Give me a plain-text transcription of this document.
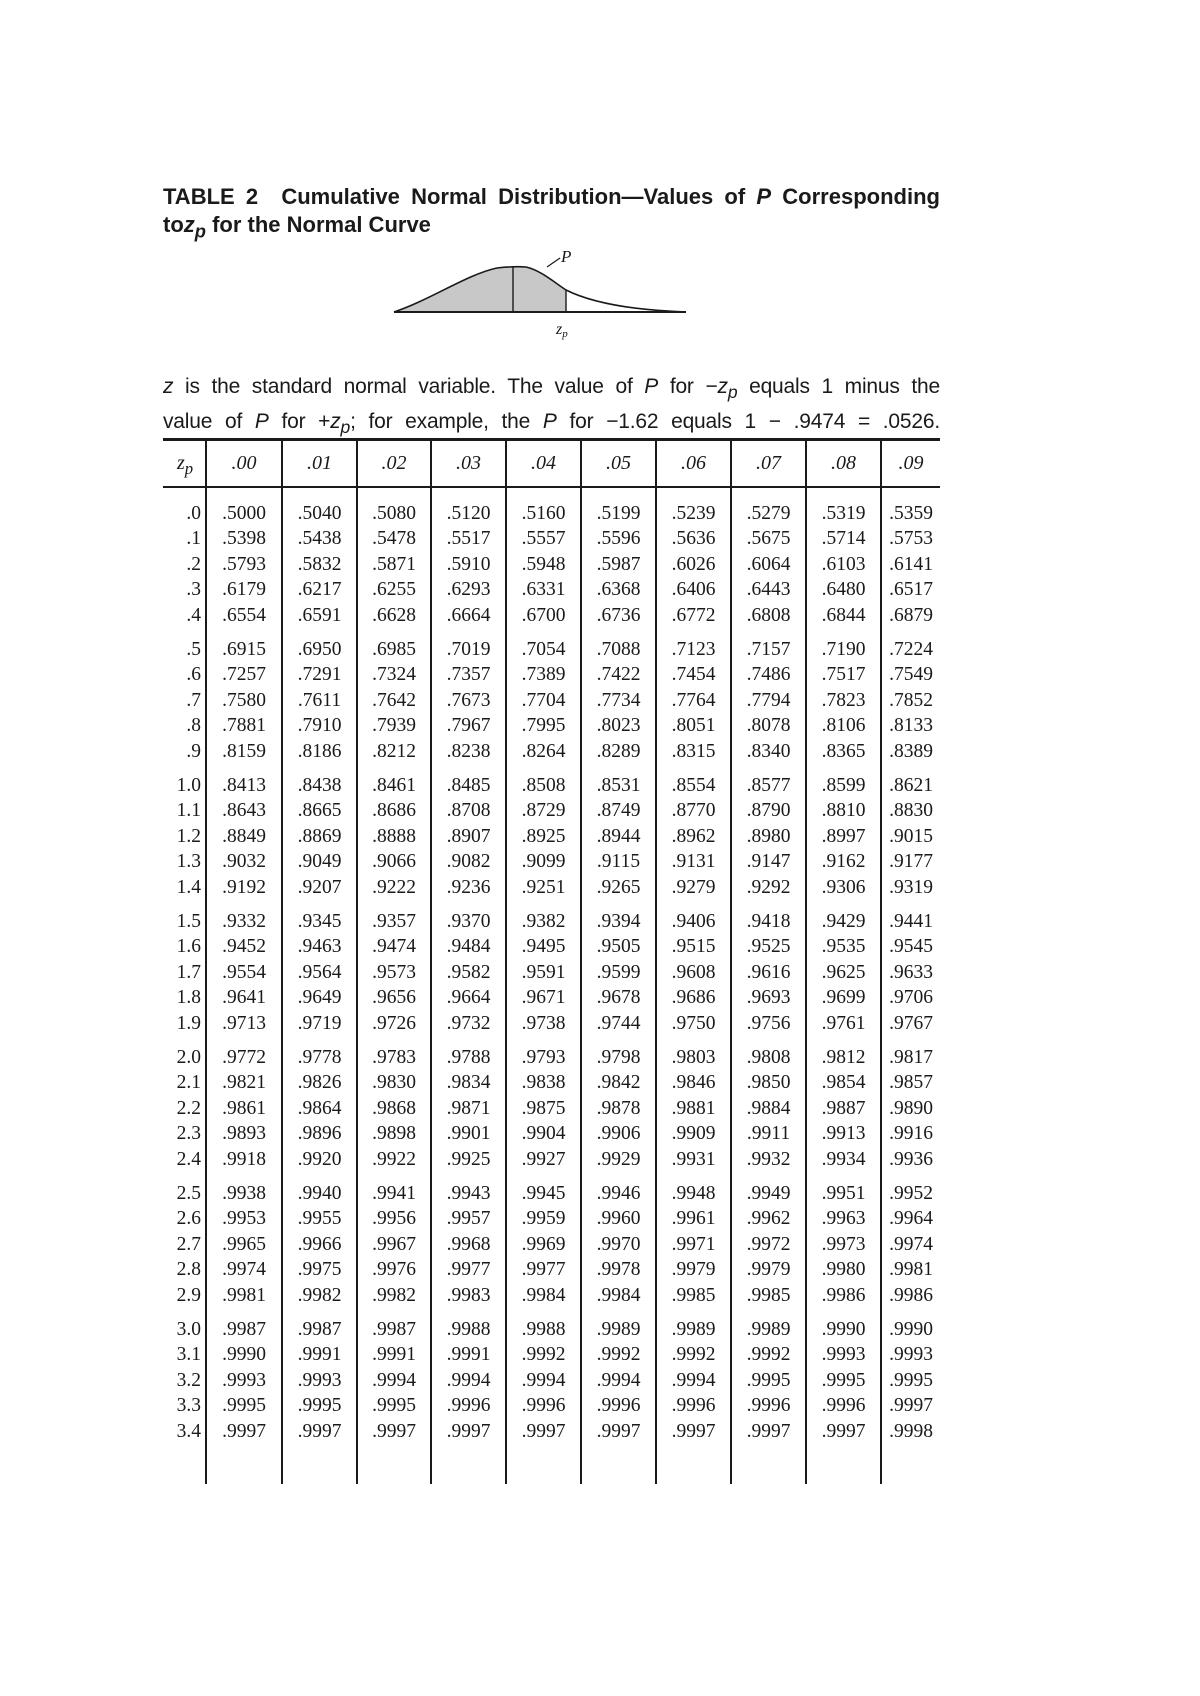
TABLE 2 Cumulative Normal Distribution—Values of P Corresponding toz$_p$ for the Normal Curve
P
zp
z is the standard normal variable. The value of P for $-z_p$ equals 1 minus the
value of P for $+z_p$; for example, the P for −1.62 equals 1 − .9474 = .0526.
$z_p$	.00	.01	.02	.03	.04	.05	.06	.07	.08	.09
.0	.5000	.5040	.5080	.5120	.5160	.5199	.5239	.5279	.5319	.5359
.1	.5398	.5438	.5478	.5517	.5557	.5596	.5636	.5675	.5714	.5753
.2	.5793	.5832	.5871	.5910	.5948	.5987	.6026	.6064	.6103	.6141
.3	.6179	.6217	.6255	.6293	.6331	.6368	.6406	.6443	.6480	.6517
.4	.6554	.6591	.6628	.6664	.6700	.6736	.6772	.6808	.6844	.6879
.5	.6915	.6950	.6985	.7019	.7054	.7088	.7123	.7157	.7190	.7224
.6	.7257	.7291	.7324	.7357	.7389	.7422	.7454	.7486	.7517	.7549
.7	.7580	.7611	.7642	.7673	.7704	.7734	.7764	.7794	.7823	.7852
.8	.7881	.7910	.7939	.7967	.7995	.8023	.8051	.8078	.8106	.8133
.9	.8159	.8186	.8212	.8238	.8264	.8289	.8315	.8340	.8365	.8389
1.0	.8413	.8438	.8461	.8485	.8508	.8531	.8554	.8577	.8599	.8621
1.1	.8643	.8665	.8686	.8708	.8729	.8749	.8770	.8790	.8810	.8830
1.2	.8849	.8869	.8888	.8907	.8925	.8944	.8962	.8980	.8997	.9015
1.3	.9032	.9049	.9066	.9082	.9099	.9115	.9131	.9147	.9162	.9177
1.4	.9192	.9207	.9222	.9236	.9251	.9265	.9279	.9292	.9306	.9319
1.5	.9332	.9345	.9357	.9370	.9382	.9394	.9406	.9418	.9429	.9441
1.6	.9452	.9463	.9474	.9484	.9495	.9505	.9515	.9525	.9535	.9545
1.7	.9554	.9564	.9573	.9582	.9591	.9599	.9608	.9616	.9625	.9633
1.8	.9641	.9649	.9656	.9664	.9671	.9678	.9686	.9693	.9699	.9706
1.9	.9713	.9719	.9726	.9732	.9738	.9744	.9750	.9756	.9761	.9767
2.0	.9772	.9778	.9783	.9788	.9793	.9798	.9803	.9808	.9812	.9817
2.1	.9821	.9826	.9830	.9834	.9838	.9842	.9846	.9850	.9854	.9857
2.2	.9861	.9864	.9868	.9871	.9875	.9878	.9881	.9884	.9887	.9890
2.3	.9893	.9896	.9898	.9901	.9904	.9906	.9909	.9911	.9913	.9916
2.4	.9918	.9920	.9922	.9925	.9927	.9929	.9931	.9932	.9934	.9936
2.5	.9938	.9940	.9941	.9943	.9945	.9946	.9948	.9949	.9951	.9952
2.6	.9953	.9955	.9956	.9957	.9959	.9960	.9961	.9962	.9963	.9964
2.7	.9965	.9966	.9967	.9968	.9969	.9970	.9971	.9972	.9973	.9974
2.8	.9974	.9975	.9976	.9977	.9977	.9978	.9979	.9979	.9980	.9981
2.9	.9981	.9982	.9982	.9983	.9984	.9984	.9985	.9985	.9986	.9986
3.0	.9987	.9987	.9987	.9988	.9988	.9989	.9989	.9989	.9990	.9990
3.1	.9990	.9991	.9991	.9991	.9992	.9992	.9992	.9992	.9993	.9993
3.2	.9993	.9993	.9994	.9994	.9994	.9994	.9994	.9995	.9995	.9995
3.3	.9995	.9995	.9995	.9996	.9996	.9996	.9996	.9996	.9996	.9997
3.4	.9997	.9997	.9997	.9997	.9997	.9997	.9997	.9997	.9997	.9998
